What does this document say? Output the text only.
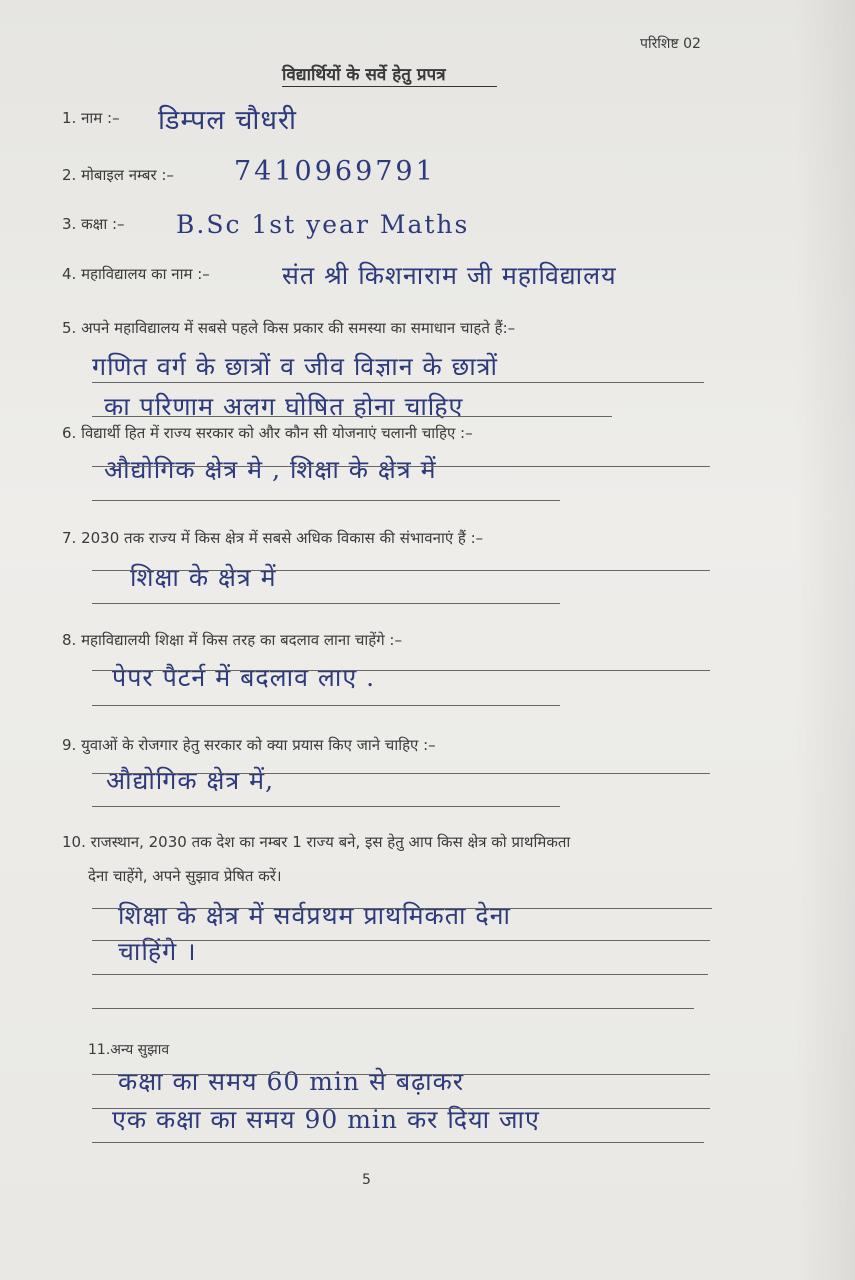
परिशिष्ट 02
विद्यार्थियों के सर्वे हेतु प्रपत्र
1. नाम :– डिम्पल चौधरी
2. मोबाइल नम्बर :– 7410969791
3. कक्षा :– B.Sc 1st year Maths
4. महाविद्यालय का नाम :–	संत श्री किशनाराम जी महाविद्यालय
5. अपने महाविद्यालय में सबसे पहले किस प्रकार की समस्या का समाधान चाहते हैं:–
गणित वर्ग के छात्रों व जीव विज्ञान के छात्रों
का परिणाम अलग घोषित होना चाहिए
6. विद्यार्थी हित में राज्य सरकार को और कौन सी योजनाएं चलानी चाहिए :–
औद्योगिक क्षेत्र मे , शिक्षा के क्षेत्र में
7. 2030 तक राज्य में किस क्षेत्र में सबसे अधिक विकास की संभावनाएं हैं :–
शिक्षा के क्षेत्र में
8. महाविद्यालयी शिक्षा में किस तरह का बदलाव लाना चाहेंगे :–
पेपर पैटर्न में बदलाव लाए .
9. युवाओं के रोजगार हेतु सरकार को क्या प्रयास किए जाने चाहिए :–
औद्योगिक क्षेत्र में,
10. राजस्थान, 2030 तक देश का नम्बर 1 राज्य बने, इस हेतु आप किस क्षेत्र को प्राथमिकता
देना चाहेंगे, अपने सुझाव प्रेषित करें।
शिक्षा के क्षेत्र में सर्वप्रथम प्राथमिकता देना
चाहिंगे ।
11.अन्य सुझाव
कक्षा का समय 60 min से बढ़ाकर
एक कक्षा का समय 90 min कर दिया जाए
5
